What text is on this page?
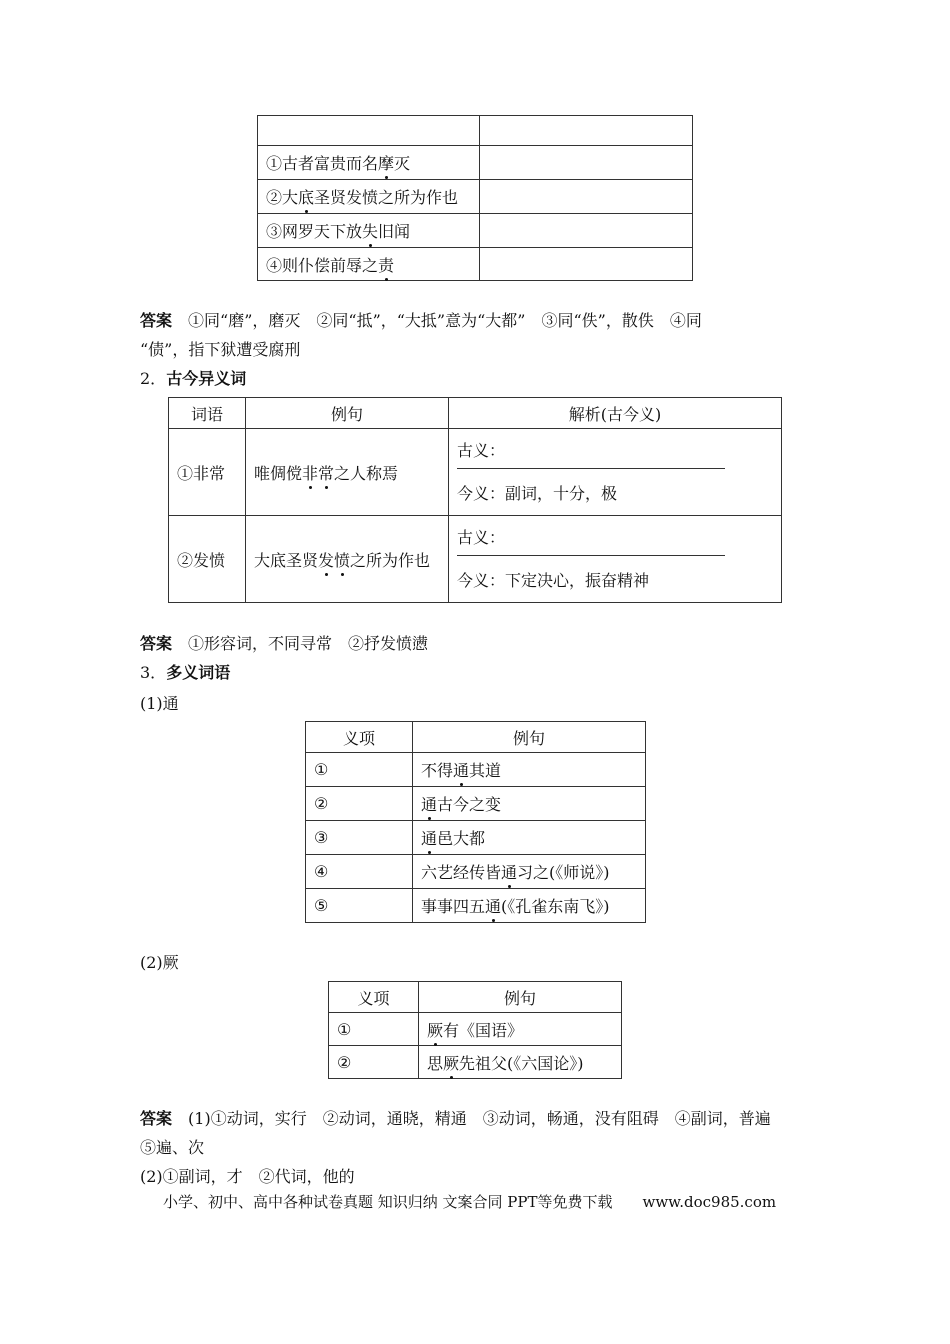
①古者富贵而名摩灭	
②大底圣贤发愤之所为作也	
③网罗天下放失旧闻	
④则仆偿前辱之责	
答案　 ①同“磨”，磨灭　②同“抵”，“大抵”意为“大都”　③同“佚”，散佚　④同
“债”，指下狱遭受腐刑
2．古今异义词
词语	例句	解析(古今义)
①非常	唯倜傥非常之人称焉	古义：
今义：副词，十分，极
②发愤	大底圣贤发愤之所为作也	古义：
今义：下定决心，振奋精神
答案　 ①形容词，不同寻常　②抒发愤懑
3．多义词语
(1)通
义项	例句
①	不得通其道
②	通古今之变
③	通邑大都
④	六艺经传皆通习之(《师说》)
⑤	事事四五通(《孔雀东南飞》)
(2)厥
义项	例句
①	厥有《国语》
②	思厥先祖父(《六国论》)
答案　 (1)①动词，实行　②动词，通晓，精通　③动词，畅通，没有阻碍　④副词，普遍
⑤遍、次
(2)①副词，才　②代词，他的
小学、初中、高中各种试卷真题 知识归纳 文案合同 PPT等免费下载　　www.doc985.com
